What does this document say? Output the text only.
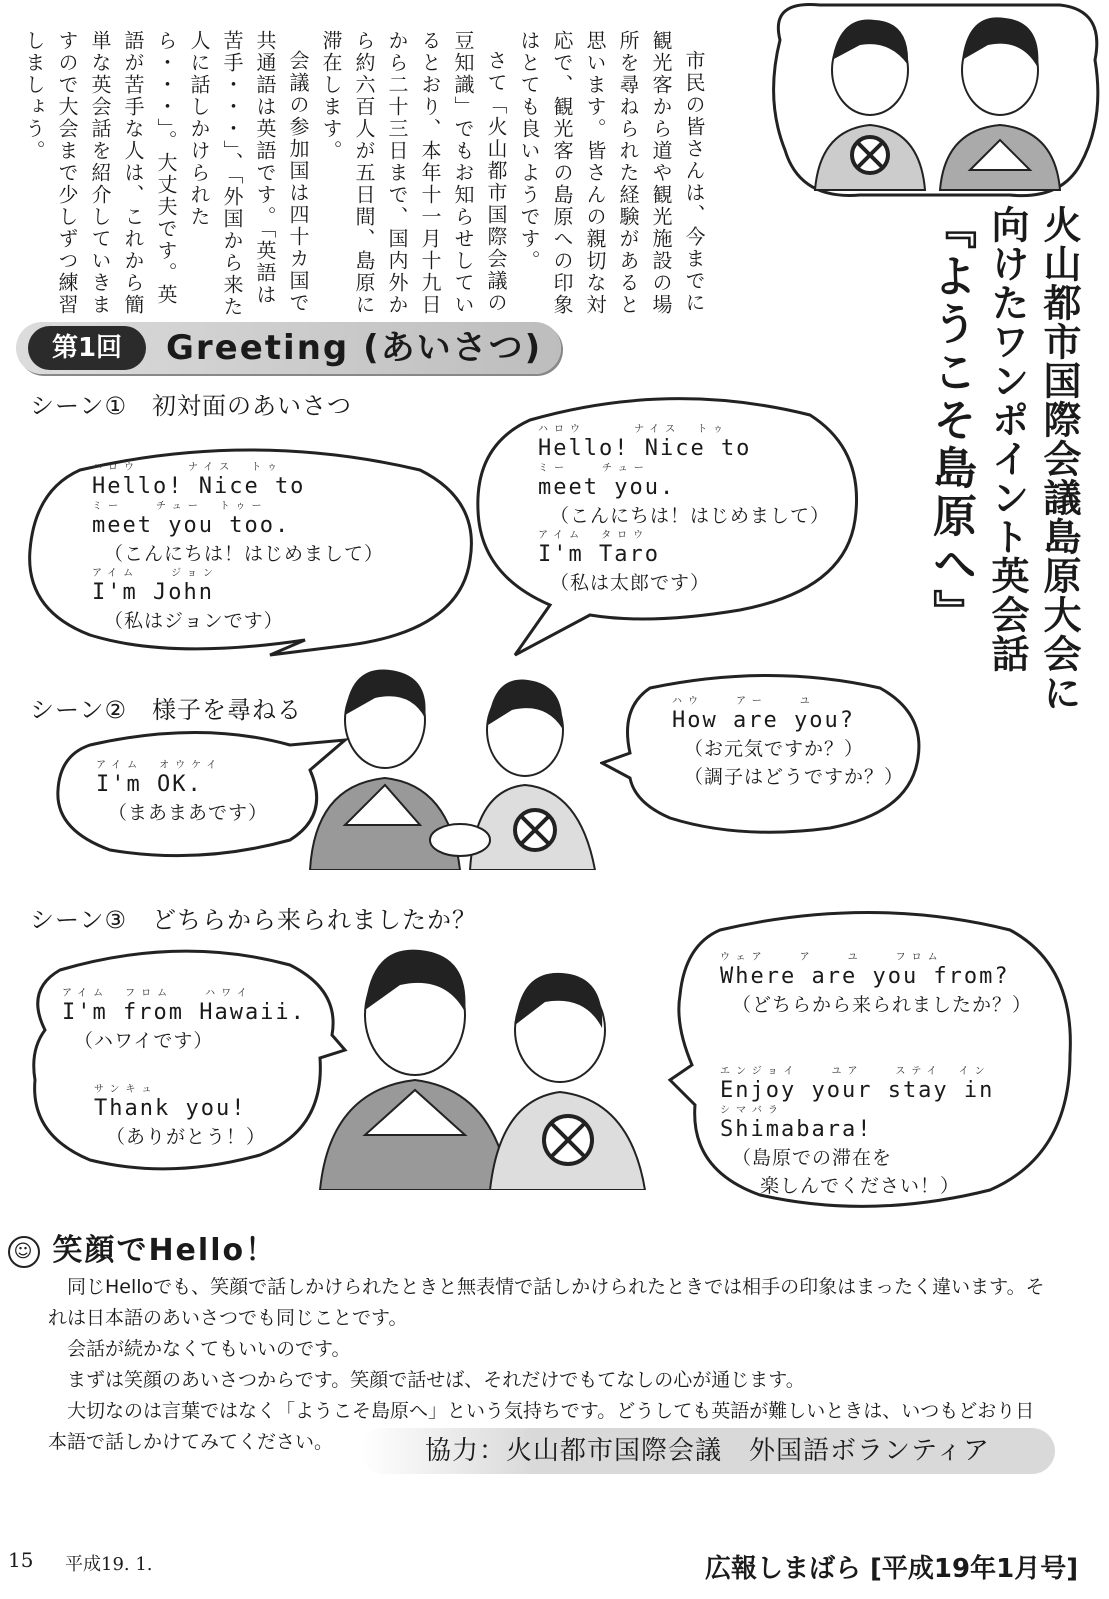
市民の皆さんは、今までに観光客から道や観光施設の場所を尋ねられた経験があると思います。皆さんの親切な対応で、観光客の島原への印象はとても良いようです。

さて「火山都市国際会議の豆知識」でもお知らせしているとおり、本年十一月十九日から二十三日まで、国内外から約六百人が五日間、島原に滞在します。

会議の参加国は四十カ国で共通語は英語です。「英語は苦手・・・」、「外国から来た人に話しかけられたら・・・」。大丈夫です。英語が苦手な人は、これから簡単な英会話を紹介していきますので大会まで少しずつ練習しましょう。

火山都市国際会議島原大会に
向けたワンポイント英会話
『ようこそ島原へ』
第1回	Greeting (あいさつ)
シーン①　初対面のあいさつ
ハロウ　　　ナイス　トゥ
Hello! Nice to
ミー　　チュー　トゥー
meet you too.
（こんにちは！はじめまして）
アイム　　ジョン
I'm John
（私はジョンです）
ハロウ　　　ナイス　トゥ
Hello! Nice to
ミー　　チュー
meet you.
（こんにちは！はじめまして）
アイム　タロウ
I'm Taro
（私は太郎です）
シーン②　様子を尋ねる
アイム　オウケイ
I'm OK.
（まあまあです）
ハウ　　アー　　ユ
How are you?
（お元気ですか？）
（調子はどうですか？）
シーン③　どちらから来られましたか？
アイム　フロム　　ハワイ
I'm from Hawaii.
（ハワイです）
サンキュ
Thank you!
（ありがとう！）
ウェア　　ア　　ユ　　フロム
Where are you from?
（どちらから来られましたか？）
エンジョイ　　ユア　　ステイ　イン
Enjoy your stay in
シマバラ
Shimabara!
（島原での滞在を
楽しんでください！）
☺ 笑顔でHello！

同じHelloでも、笑顔で話しかけられたときと無表情で話しかけられたときでは相手の印象はまったく違います。それは日本語のあいさつでも同じことです。

会話が続かなくてもいいのです。

まずは笑顔のあいさつからです。笑顔で話せば、それだけでもてなしの心が通じます。

大切なのは言葉ではなく「ようこそ島原へ」という気持ちです。どうしても英語が難しいときは、いつもどおり日本語で話しかけてみてください。	協力：火山都市国際会議　外国語ボランティア
15 平成19. 1.	広報しまばら [平成19年1月号]
